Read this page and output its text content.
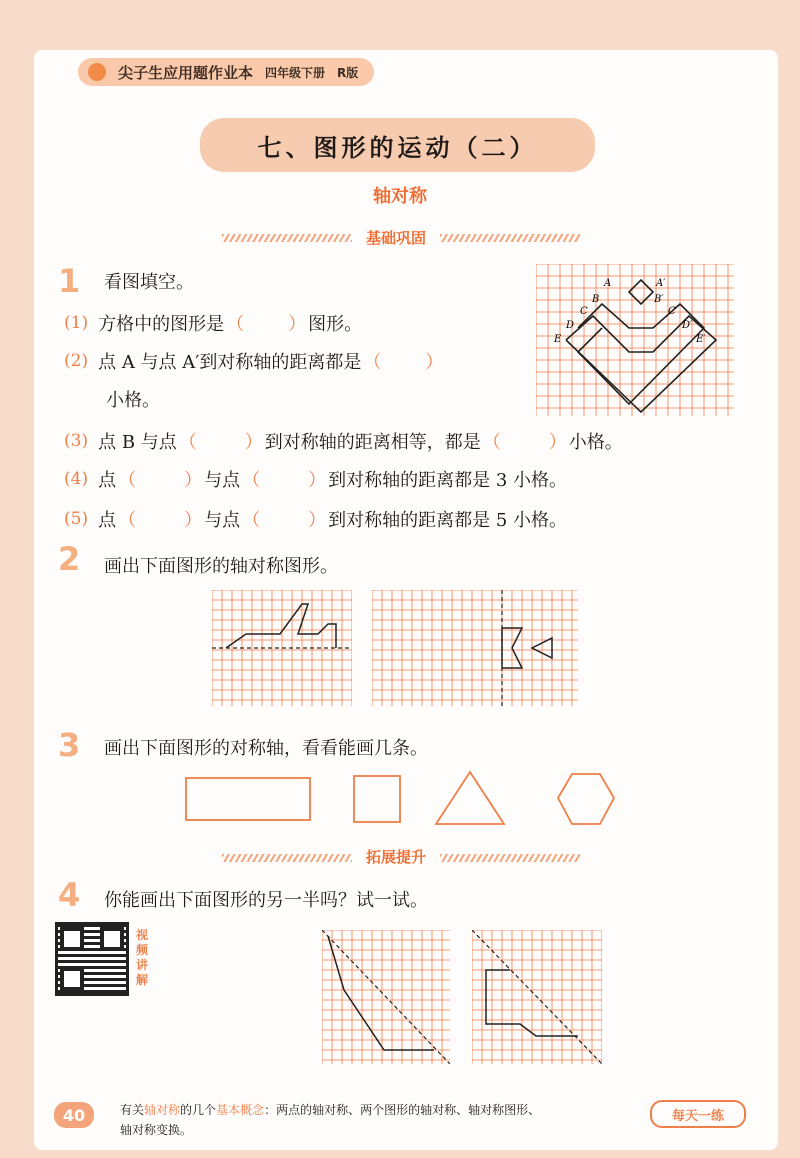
尖子生应用题作业本 四年级下册 R版
七、图形的运动（二）
轴对称
基础巩固
1 看图填空。
(1) 方格中的图形是 （ ） 图形。
(2) 点 A 与点 A′到对称轴的距离都是 （ ）
小格。
(3) 点 B 与点 （	） 到对称轴的距离相等，都是 （	） 小格。
(4) 点 （	） 与点 （	） 到对称轴的距离都是 3 小格。
(5) 点 （	） 与点 （	） 到对称轴的距离都是 5 小格。
A	A′
B	B′
C	C′
D	D′
E	E′
2 画出下面图形的轴对称图形。
3 画出下面图形的对称轴，看看能画几条。
拓展提升
4 你能画出下面图形的另一半吗？试一试。
视频讲解
40	有关轴对称的几个基本概念：两点的轴对称、两个图形的轴对称、轴对称图形、
轴对称变换。
每天一练
